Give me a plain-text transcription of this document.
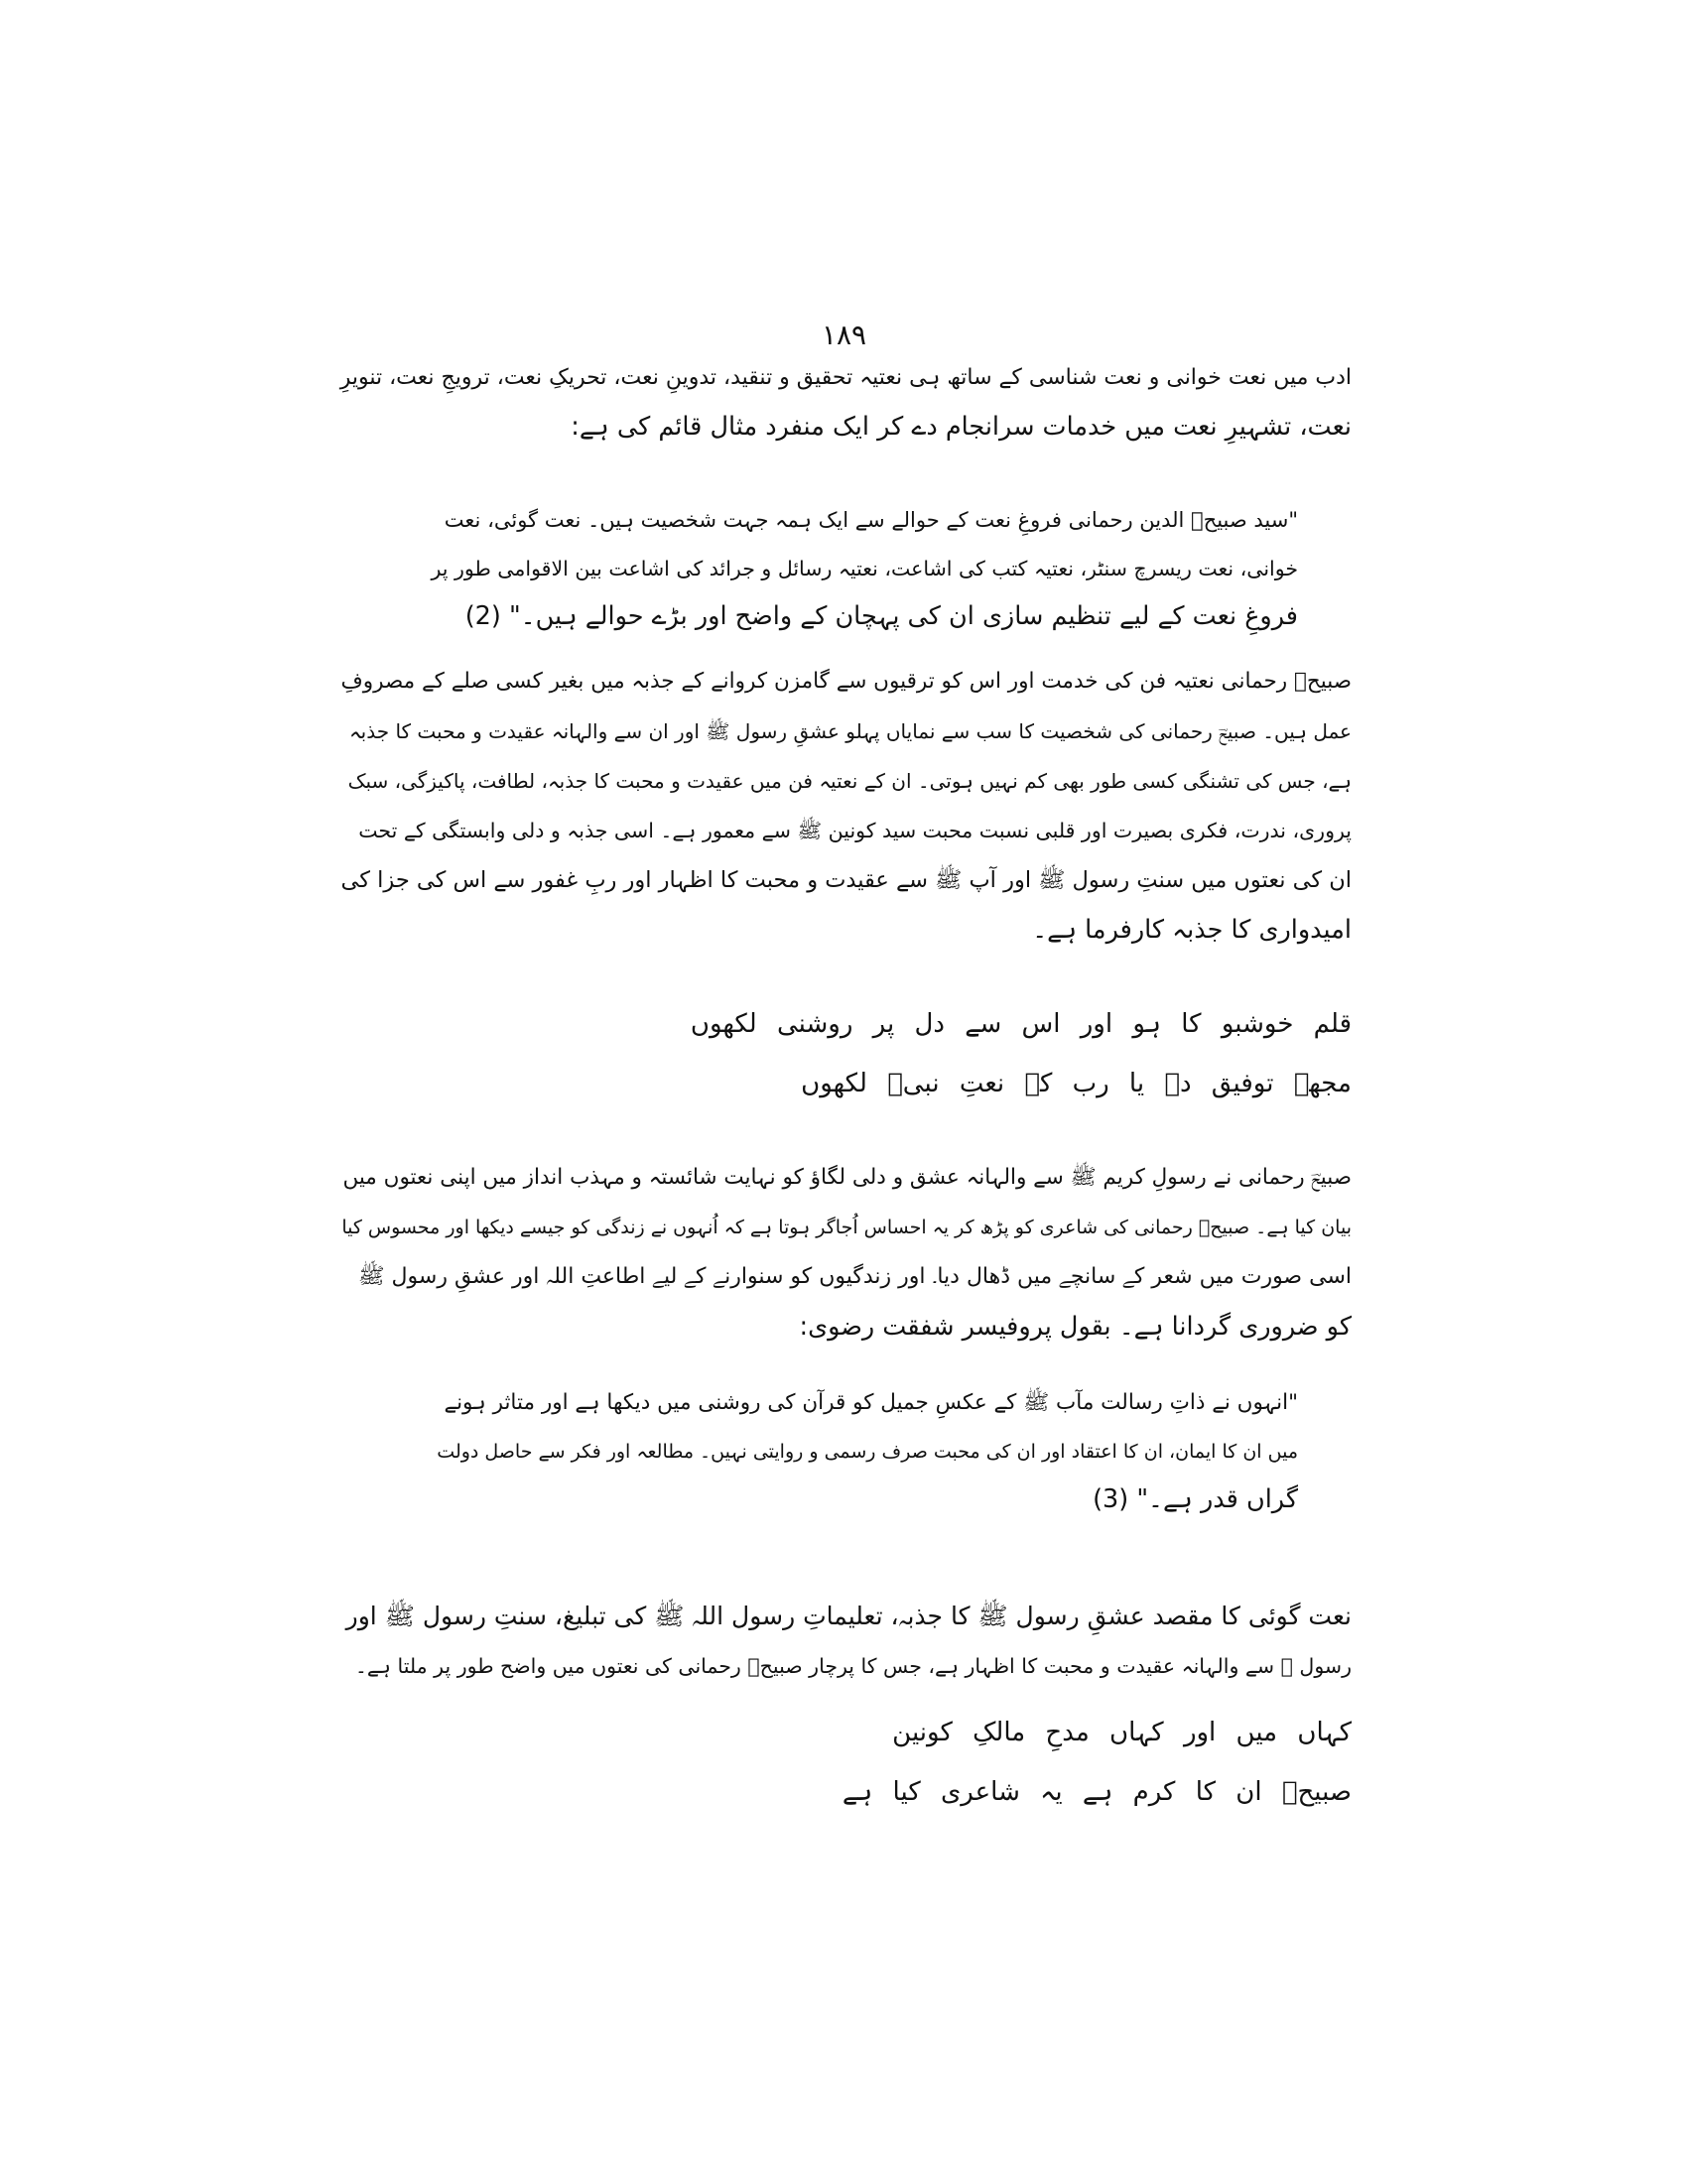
۱۸۹
ادب میں نعت خوانی و نعت شناسی کے ساتھ ہی نعتیہ تحقیق و تنقید، تدوینِ نعت، تحریکِ نعت، ترویجِ نعت، تنویرِ
نعت، تشہیرِ نعت میں خدمات سرانجام دے کر ایک منفرد مثال قائم کی ہے:
"سید صبیحؔ الدین رحمانی فروغِ نعت کے حوالے سے ایک ہمہ جہت شخصیت ہیں۔ نعت گوئی، نعت
خوانی، نعت ریسرچ سنٹر، نعتیہ کتب کی اشاعت، نعتیہ رسائل و جرائد کی اشاعت بین الاقوامی طور پر
فروغِ نعت کے لیے تنظیم سازی ان کی پہچان کے واضح اور بڑے حوالے ہیں۔" (2)
صبیحؔ رحمانی نعتیہ فن کی خدمت اور اس کو ترقیوں سے گامزن کروانے کے جذبہ میں بغیر کسی صلے کے مصروفِ
عمل ہیں۔ صبیحؔ رحمانی کی شخصیت کا سب سے نمایاں پہلو عشقِ رسول ﷺ اور ان سے والہانہ عقیدت و محبت کا جذبہ
ہے، جس کی تشنگی کسی طور بھی کم نہیں ہوتی۔ ان کے نعتیہ فن میں عقیدت و محبت کا جذبہ، لطافت، پاکیزگی، سبک
پروری، ندرت، فکری بصیرت اور قلبی نسبت محبت سید کونین ﷺ سے معمور ہے۔ اسی جذبہ و دلی وابستگی کے تحت
ان کی نعتوں میں سنتِ رسول ﷺ اور آپ ﷺ سے عقیدت و محبت کا اظہار اور ربِ غفور سے اس کی جزا کی
امیدواری کا جذبہ کارفرما ہے۔
قلم خوشبو کا ہو اور اس سے دل پر روشنی لکھوں
مجھے توفیق دے یا رب کہ نعتِ نبیؐ لکھوں
صبیحؔ رحمانی نے رسولِ کریم ﷺ سے والہانہ عشق و دلی لگاؤ کو نہایت شائستہ و مہذب انداز میں اپنی نعتوں میں
بیان کیا ہے۔ صبیحؔ رحمانی کی شاعری کو پڑھ کر یہ احساس اُجاگر ہوتا ہے کہ اُنہوں نے زندگی کو جیسے دیکھا اور محسوس کیا
اسی صورت میں شعر کے سانچے میں ڈھال دیا۔ اور زندگیوں کو سنوارنے کے لیے اطاعتِ اللہ اور عشقِ رسول ﷺ
کو ضروری گردانا ہے۔ بقول پروفیسر شفقت رضوی:
"انہوں نے ذاتِ رسالت مآب ﷺ کے عکسِ جمیل کو قرآن کی روشنی میں دیکھا ہے اور متاثر ہونے
میں ان کا ایمان، ان کا اعتقاد اور ان کی محبت صرف رسمی و روایتی نہیں۔ مطالعہ اور فکر سے حاصل دولت
گراں قدر ہے۔" (3)
نعت گوئی کا مقصد عشقِ رسول ﷺ کا جذبہ، تعلیماتِ رسول اللہ ﷺ کی تبلیغ، سنتِ رسول ﷺ اور
رسول ﷺ سے والہانہ عقیدت و محبت کا اظہار ہے، جس کا پرچار صبیحؔ رحمانی کی نعتوں میں واضح طور پر ملتا ہے۔
کہاں میں اور کہاں مدحِ مالکِ کونین
صبیحؔ ان کا کرم ہے یہ شاعری کیا ہے
